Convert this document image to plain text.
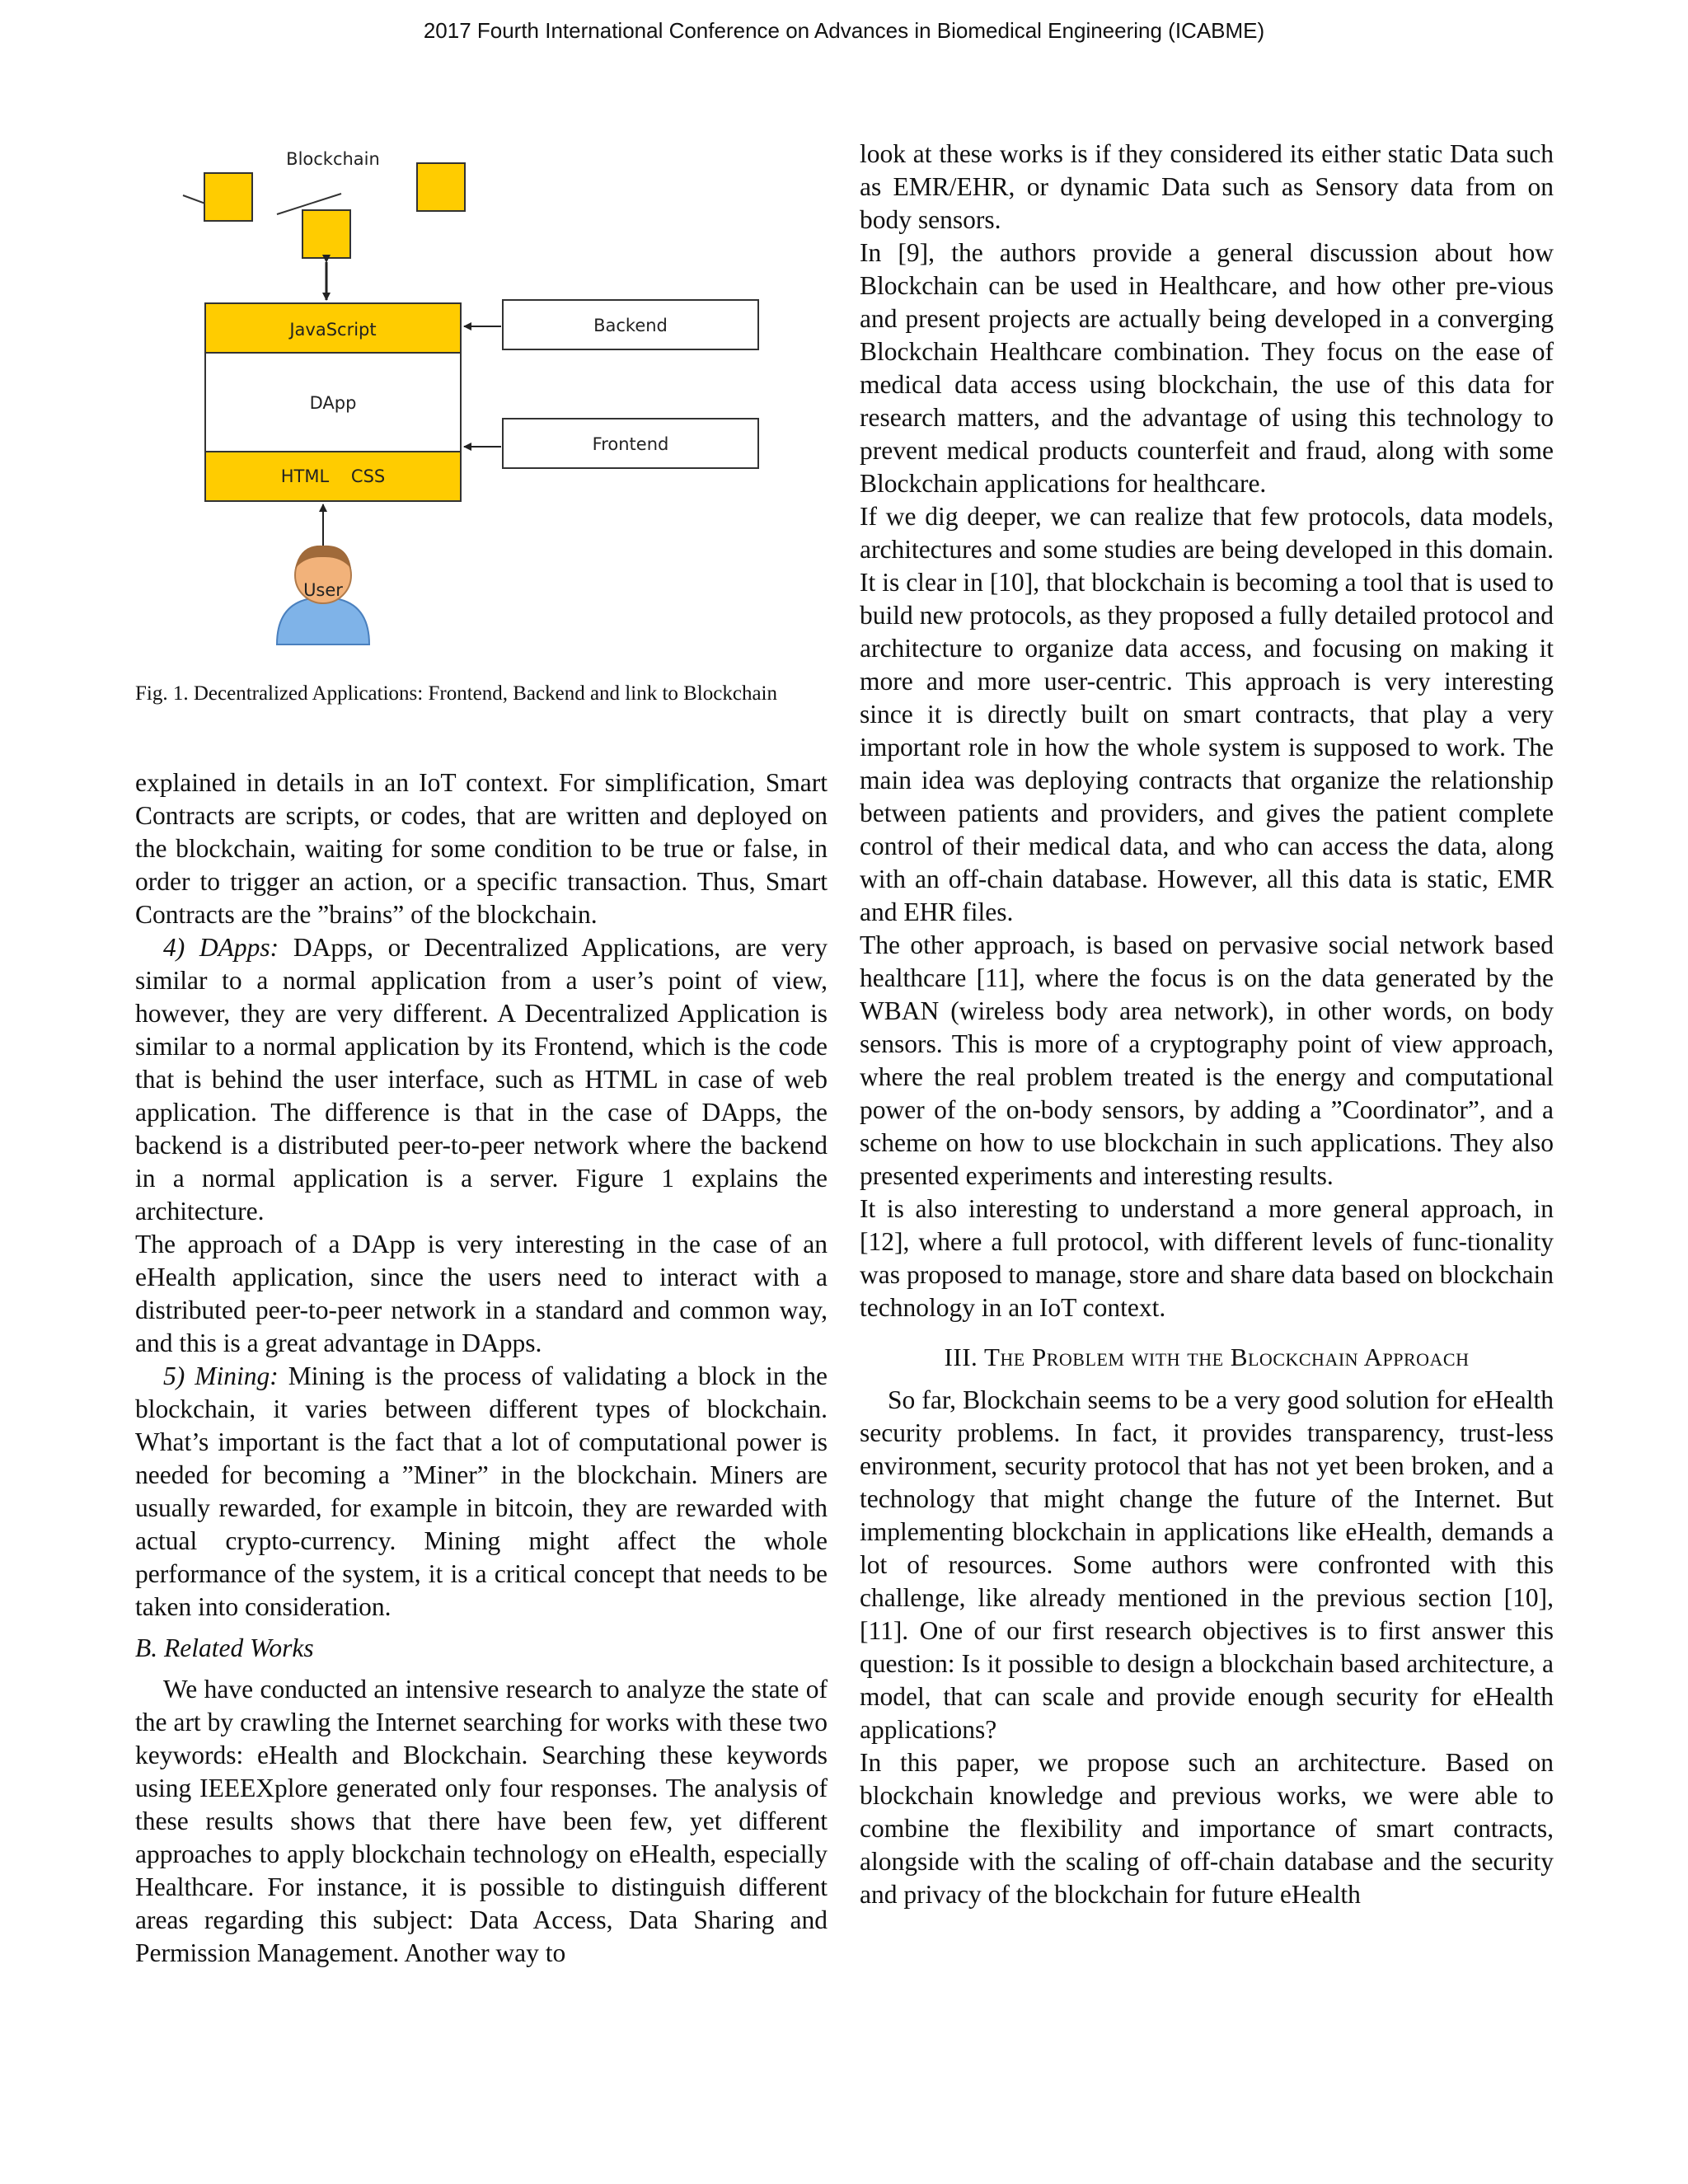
2017 Fourth International Conference on Advances in Biomedical Engineering (ICABME)
Blockchain
JavaScript
DApp
HTML    CSS
Backend
Frontend
User
Fig. 1. Decentralized Applications: Frontend, Backend and link to Blockchain

explained in details in an IoT context. For simplification, Smart Contracts are scripts, or codes, that are written and deployed on the blockchain, waiting for some condition to be true or false, in order to trigger an action, or a specific transaction. Thus, Smart Contracts are the ”brains” of the blockchain.

4) DApps: DApps, or Decentralized Applications, are very similar to a normal application from a user’s point of view, however, they are very different. A Decentralized Application is similar to a normal application by its Frontend, which is the code that is behind the user interface, such as HTML in case of web application. The difference is that in the case of DApps, the backend is a distributed peer-to-peer network where the backend in a normal application is a server. Figure 1 explains the architecture.

The approach of a DApp is very interesting in the case of an eHealth application, since the users need to interact with a distributed peer-to-peer network in a standard and common way, and this is a great advantage in DApps.

5) Mining: Mining is the process of validating a block in the blockchain, it varies between different types of blockchain. What’s important is the fact that a lot of computational power is needed for becoming a ”Miner” in the blockchain. Miners are usually rewarded, for example in bitcoin, they are rewarded with actual crypto-currency. Mining might affect the whole performance of the system, it is a critical concept that needs to be taken into consideration.

B. Related Works

We have conducted an intensive research to analyze the state of the art by crawling the Internet searching for works with these two keywords: eHealth and Blockchain. Searching these keywords using IEEEXplore generated only four responses. The analysis of these results shows that there have been few, yet different approaches to apply blockchain technology on eHealth, especially Healthcare. For instance, it is possible to distinguish different areas regarding this subject: Data Access, Data Sharing and Permission Management. Another way to

look at these works is if they considered its either static Data such as EMR/EHR, or dynamic Data such as Sensory data from on body sensors.

In [9], the authors provide a general discussion about how Blockchain can be used in Healthcare, and how other pre-vious and present projects are actually being developed in a converging Blockchain Healthcare combination. They focus on the ease of medical data access using blockchain, the use of this data for research matters, and the advantage of using this technology to prevent medical products counterfeit and fraud, along with some Blockchain applications for healthcare.

If we dig deeper, we can realize that few protocols, data models, architectures and some studies are being developed in this domain. It is clear in [10], that blockchain is becoming a tool that is used to build new protocols, as they proposed a fully detailed protocol and architecture to organize data access, and focusing on making it more and more user-centric. This approach is very interesting since it is directly built on smart contracts, that play a very important role in how the whole system is supposed to work. The main idea was deploying contracts that organize the relationship between patients and providers, and gives the patient complete control of their medical data, and who can access the data, along with an off-chain database. However, all this data is static, EMR and EHR files.

The other approach, is based on pervasive social network based healthcare [11], where the focus is on the data generated by the WBAN (wireless body area network), in other words, on body sensors. This is more of a cryptography point of view approach, where the real problem treated is the energy and computational power of the on-body sensors, by adding a ”Coordinator”, and a scheme on how to use blockchain in such applications. They also presented experiments and interesting results.

It is also interesting to understand a more general approach, in [12], where a full protocol, with different levels of func-tionality was proposed to manage, store and share data based on blockchain technology in an IoT context.

III. The Problem with the Blockchain Approach

So far, Blockchain seems to be a very good solution for eHealth security problems. In fact, it provides transparency, trust-less environment, security protocol that has not yet been broken, and a technology that might change the future of the Internet. But implementing blockchain in applications like eHealth, demands a lot of resources. Some authors were confronted with this challenge, like already mentioned in the previous section [10], [11]. One of our first research objectives is to first answer this question: Is it possible to design a blockchain based architecture, a model, that can scale and provide enough security for eHealth applications?

In this paper, we propose such an architecture. Based on blockchain knowledge and previous works, we were able to combine the flexibility and importance of smart contracts, alongside with the scaling of off-chain database and the security and privacy of the blockchain for future eHealth
